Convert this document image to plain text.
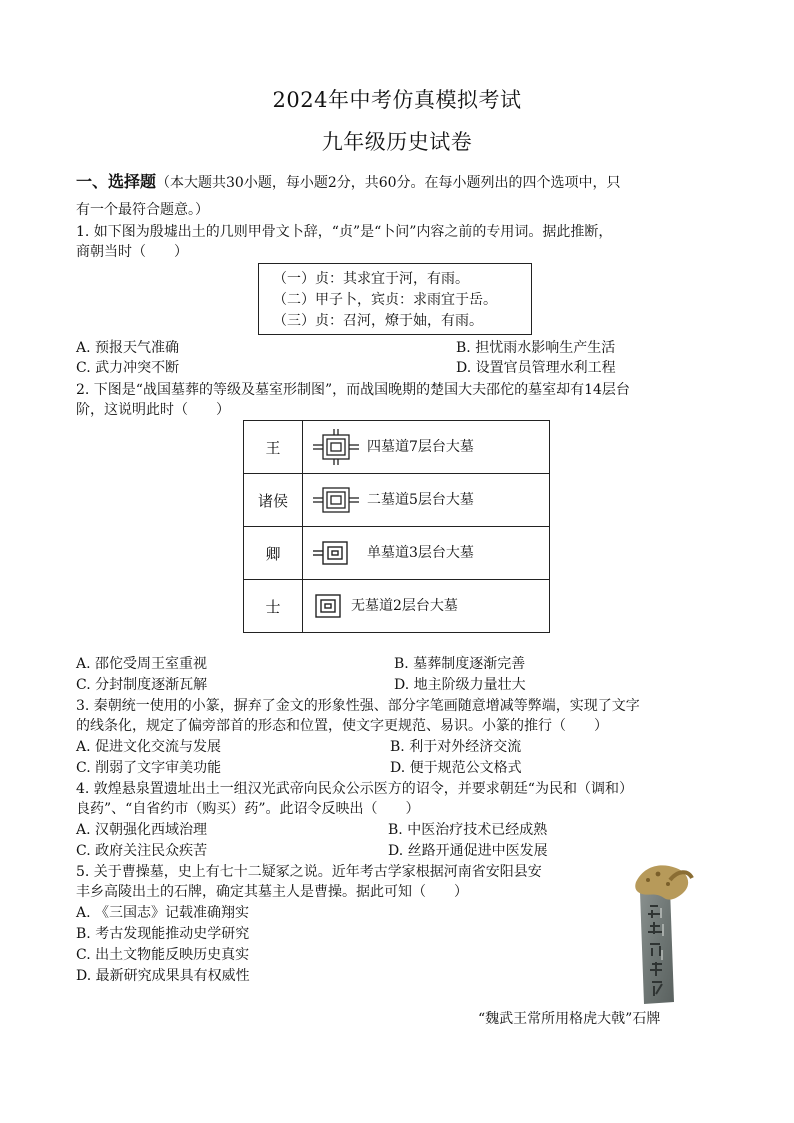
2024年中考仿真模拟考试
九年级历史试卷
一、选择题（本大题共30小题，每小题2分，共60分。在每小题列出的四个选项中，只
有一个最符合题意。）
1. 如下图为殷墟出土的几则甲骨文卜辞，“贞”是“卜问”内容之前的专用词。据此推断，
商朝当时（　　）
（一）贞：其求宜于河，有雨。
（二）甲子卜，宾贞：求雨宜于岳。
（三）贞：召河，燎于妯，有雨。
A. 预报天气准确	B. 担忧雨水影响生产生活
C. 武力冲突不断	D. 设置官员管理水利工程
2. 下图是“战国墓葬的等级及墓室形制图”，而战国晚期的楚国大夫邵佗的墓室却有14层台
阶，这说明此时（　　）
王	四墓道7层台大墓
诸侯	二墓道5层台大墓
卿	单墓道3层台大墓
士	无墓道2层台大墓
A. 邵佗受周王室重视	B. 墓葬制度逐渐完善
C. 分封制度逐渐瓦解	D. 地主阶级力量壮大
3. 秦朝统一使用的小篆，摒弃了金文的形象性强、部分字笔画随意增减等弊端，实现了文字
的线条化，规定了偏旁部首的形态和位置，使文字更规范、易识。小篆的推行（　　）
A. 促进文化交流与发展	B. 利于对外经济交流
C. 削弱了文字审美功能	D. 便于规范公文格式
4. 敦煌悬泉置遗址出土一组汉光武帝向民众公示医方的诏令，并要求朝廷“为民和（调和）
良药”、“自省约市（购买）药”。此诏令反映出（　　）
A. 汉朝强化西域治理	B. 中医治疗技术已经成熟
C. 政府关注民众疾苦	D. 丝路开通促进中医发展
5. 关于曹操墓，史上有七十二疑冢之说。近年考古学家根据河南省安阳县安
丰乡高陵出土的石牌，确定其墓主人是曹操。据此可知（　　）
A. 《三国志》记载准确翔实
B. 考古发现能推动史学研究
C. 出土文物能反映历史真实
D. 最新研究成果具有权威性
“魏武王常所用格虎大戟”石牌
